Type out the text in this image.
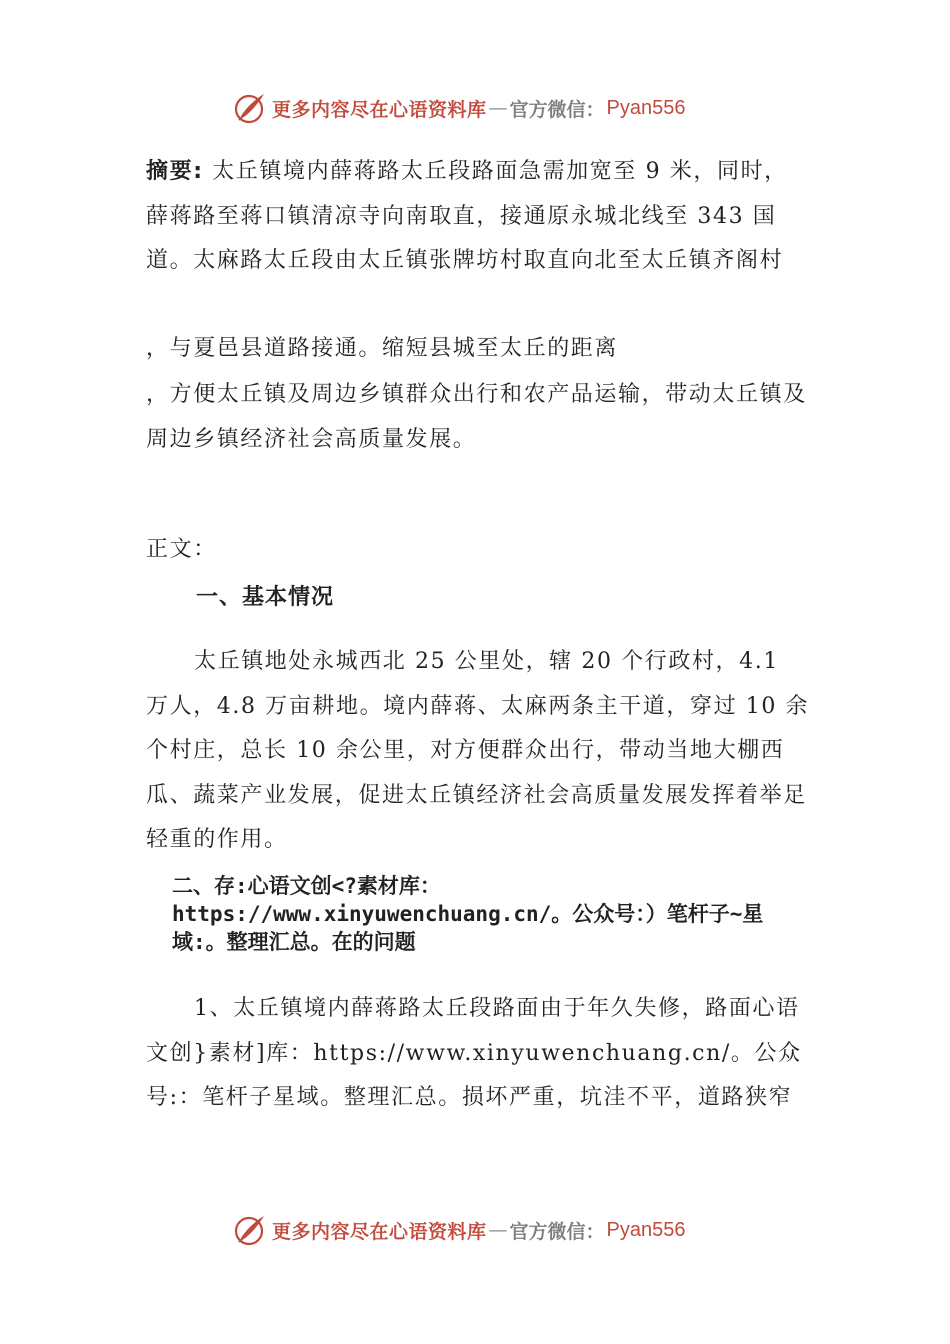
更多内容尽在心语资料库 — 官方微信： Pyan556

摘要: 太丘镇境内薛蒋路太丘段路面急需加宽至 9 米，同时，薛蒋路至蒋口镇清凉寺向南取直，接通原永城北线至 343 国道。太麻路太丘段由太丘镇张牌坊村取直向北至太丘镇齐阁村

，与夏邑县道路接通。缩短县城至太丘的距离

，方便太丘镇及周边乡镇群众出行和农产品运输，带动太丘镇及周边乡镇经济社会高质量发展。

正文：

一、基本情况

太丘镇地处永城西北 25 公里处，辖 20 个行政村，4.1 万人，4.8 万亩耕地。境内薛蒋、太麻两条主干道，穿过 10 余个村庄，总长 10 余公里，对方便群众出行，带动当地大棚西瓜、蔬菜产业发展，促进太丘镇经济社会高质量发展发挥着举足轻重的作用。

二、存:心语文创<?素材库：https://www.xinyuwenchuang.cn/。公众号：）笔杆子~星域:。整理汇总。在的问题

1、太丘镇境内薛蒋路太丘段路面由于年久失修，路面心语文创}素材]库：https://www.xinyuwenchuang.cn/。公众号:：笔杆子星域。整理汇总。损坏严重，坑洼不平，道路狭窄

更多内容尽在心语资料库 — 官方微信： Pyan556
